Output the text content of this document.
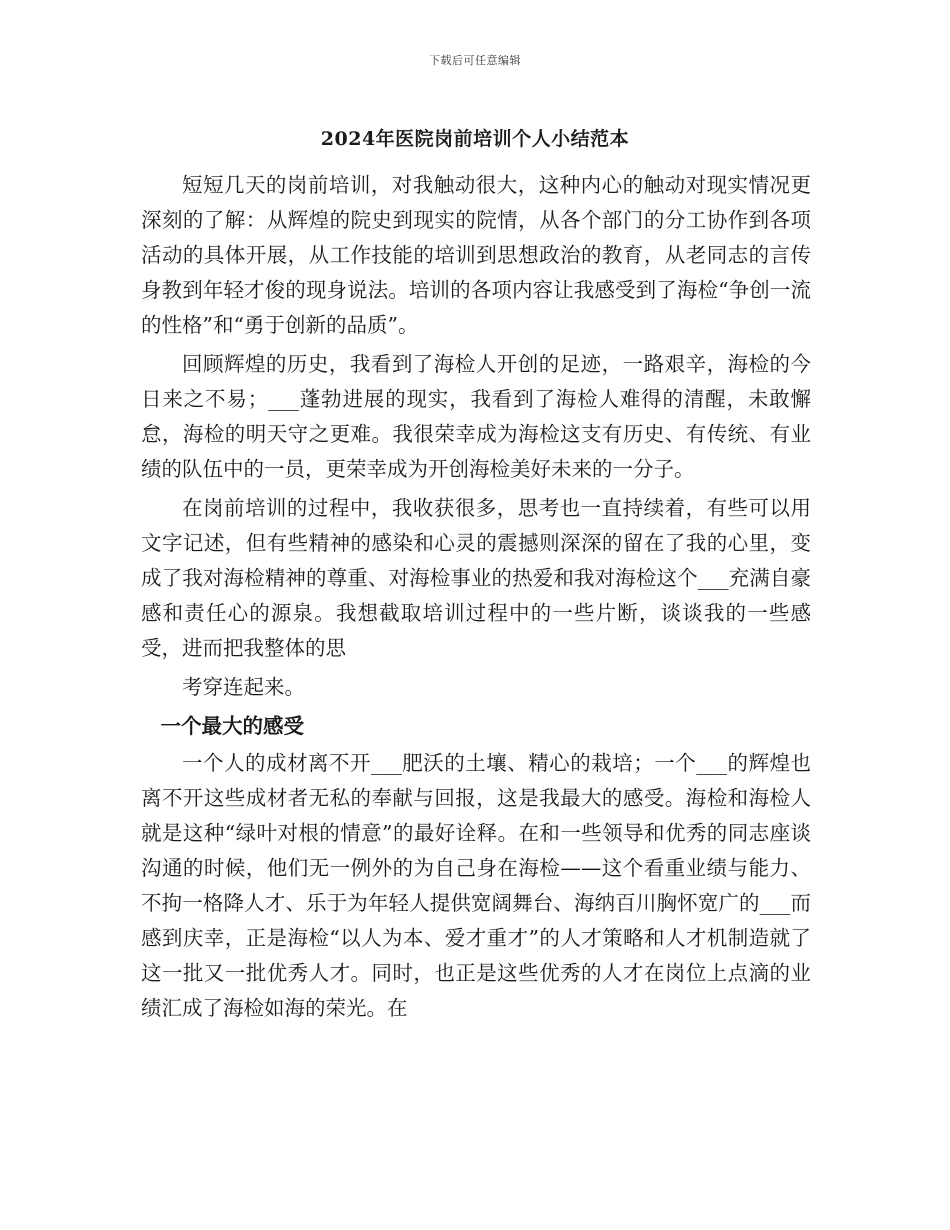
下载后可任意编辑
2024年医院岗前培训个人小结范本

短短几天的岗前培训，对我触动很大，这种内心的触动对现实情况更深刻的了解：从辉煌的院史到现实的院情，从各个部门的分工协作到各项活动的具体开展，从工作技能的培训到思想政治的教育，从老同志的言传身教到年轻才俊的现身说法。培训的各项内容让我感受到了海检“争创一流的性格”和“勇于创新的品质”。

回顾辉煌的历史，我看到了海检人开创的足迹，一路艰辛，海检的今日来之不易；___蓬勃进展的现实，我看到了海检人难得的清醒，未敢懈怠，海检的明天守之更难。我很荣幸成为海检这支有历史、有传统、有业绩的队伍中的一员，更荣幸成为开创海检美好未来的一分子。

在岗前培训的过程中，我收获很多，思考也一直持续着，有些可以用文字记述，但有些精神的感染和心灵的震撼则深深的留在了我的心里，变成了我对海检精神的尊重、对海检事业的热爱和我对海检这个___充满自豪感和责任心的源泉。我想截取培训过程中的一些片断，谈谈我的一些感受，进而把我整体的思

考穿连起来。

一个最大的感受

一个人的成材离不开___肥沃的土壤、精心的栽培；一个___的辉煌也离不开这些成材者无私的奉献与回报，这是我最大的感受。海检和海检人就是这种“绿叶对根的情意”的最好诠释。在和一些领导和优秀的同志座谈沟通的时候，他们无一例外的为自己身在海检——这个看重业绩与能力、不拘一格降人才、乐于为年轻人提供宽阔舞台、海纳百川胸怀宽广的___而感到庆幸，正是海检“以人为本、爱才重才”的人才策略和人才机制造就了这一批又一批优秀人才。同时，也正是这些优秀的人才在岗位上点滴的业绩汇成了海检如海的荣光。在
